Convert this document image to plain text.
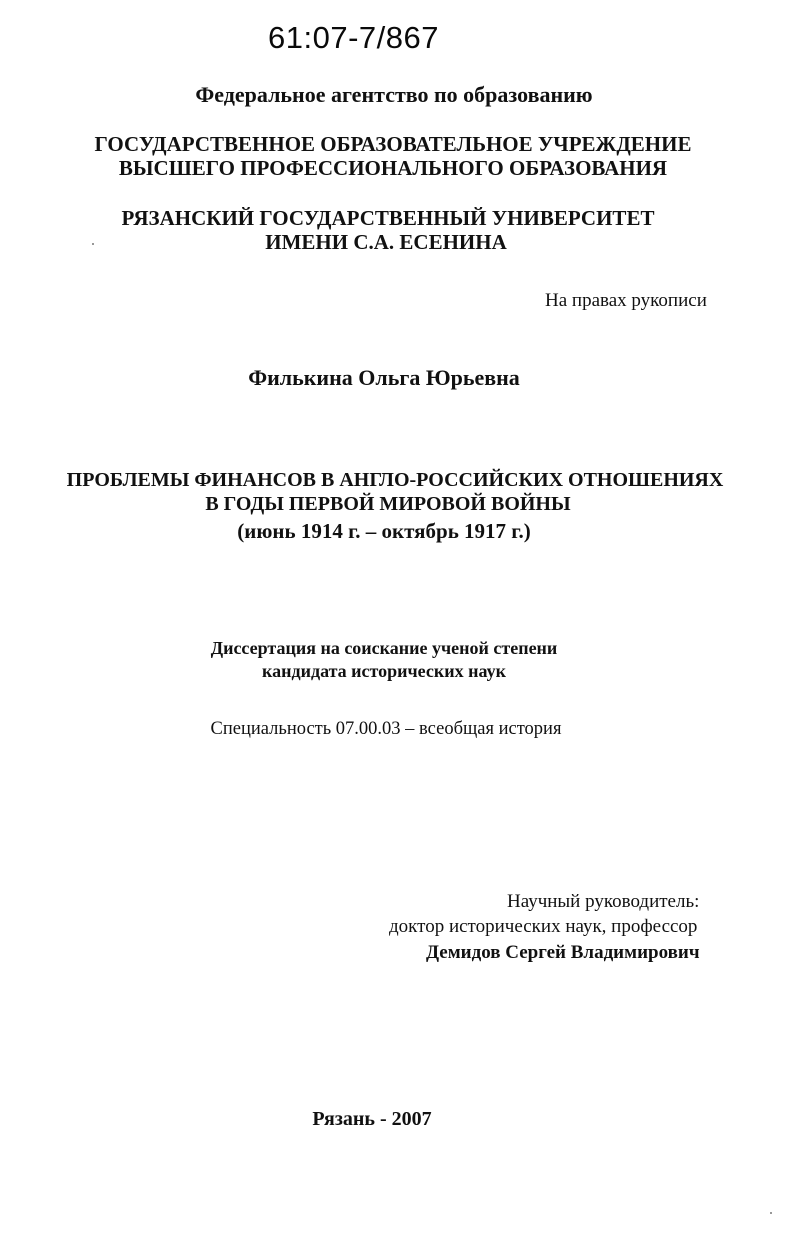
61:07-7/867
Федеральное агентство по образованию
ГОСУДАРСТВЕННОЕ ОБРАЗОВАТЕЛЬНОЕ УЧРЕЖДЕНИЕ
ВЫСШЕГО ПРОФЕССИОНАЛЬНОГО ОБРАЗОВАНИЯ
РЯЗАНСКИЙ ГОСУДАРСТВЕННЫЙ УНИВЕРСИТЕТ
ИМЕНИ С.А. ЕСЕНИНА
На правах рукописи
Филькина Ольга Юрьевна
ПРОБЛЕМЫ ФИНАНСОВ В АНГЛО-РОССИЙСКИХ ОТНОШЕНИЯХ
В ГОДЫ ПЕРВОЙ МИРОВОЙ ВОЙНЫ
(июнь 1914 г. – октябрь 1917 г.)
Диссертация на соискание ученой степени
кандидата исторических наук
Специальность 07.00.03 – всеобщая история
Научный руководитель:
доктор исторических наук, профессор
Демидов Сергей Владимирович
Рязань - 2007
